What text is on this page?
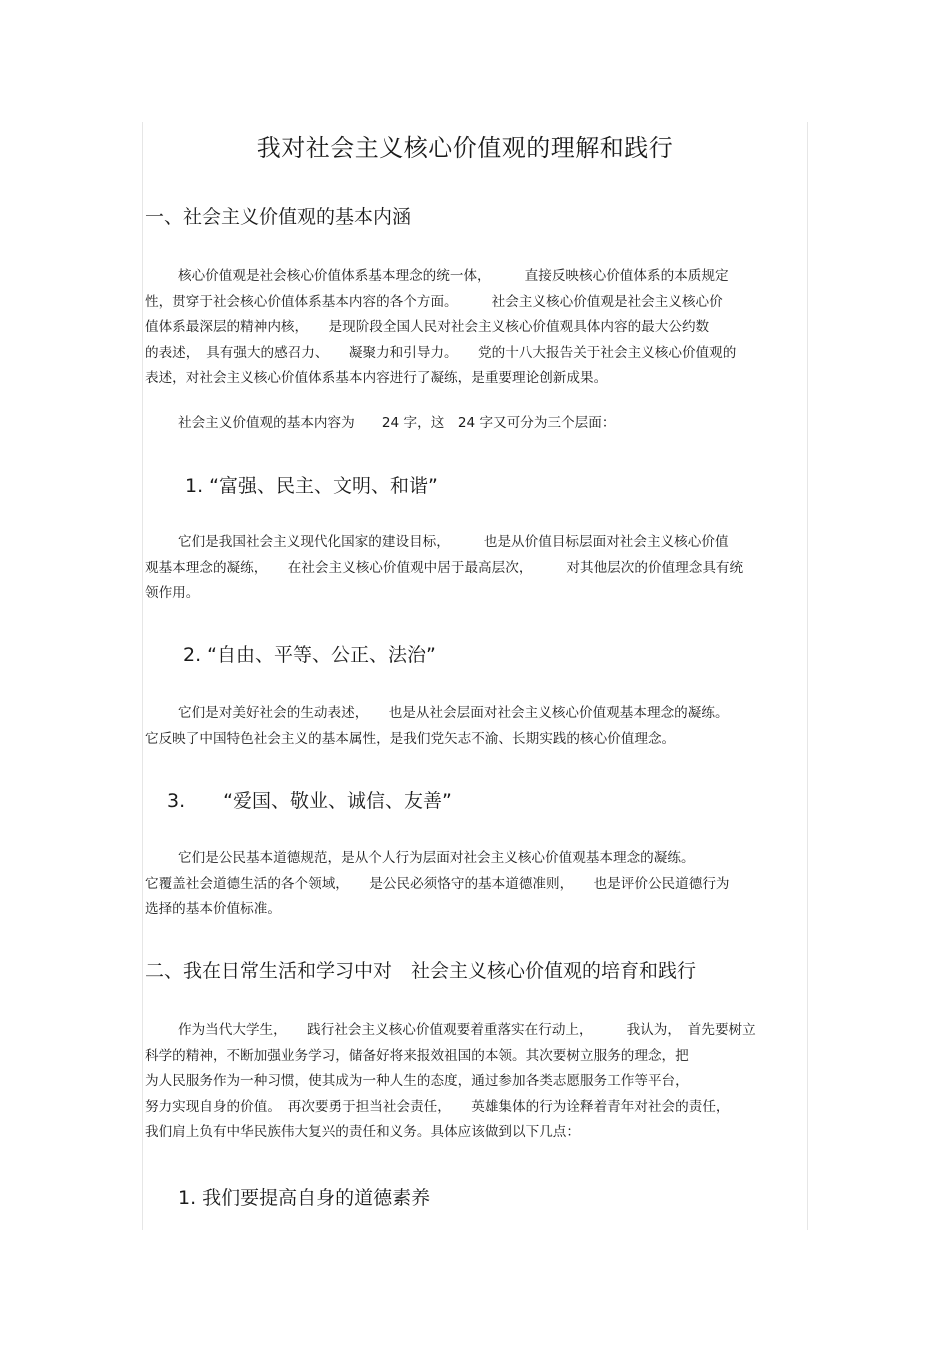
我对社会主义核心价值观的理解和践行
一、社会主义价值观的基本内涵

核心价值观是社会核心价值体系基本理念的统一体，　　　直接反映核心价值体系的本质规定
性，贯穿于社会核心价值体系基本内容的各个方面。　　　社会主义核心价值观是社会主义核心价
值体系最深层的精神内核，　　是现阶段全国人民对社会主义核心价值观具体内容的最大公约数
的表述，　具有强大的感召力、　　凝聚力和引导力。　　党的十八大报告关于社会主义核心价值观的
表述，对社会主义核心价值体系基本内容进行了凝练，是重要理论创新成果。

社会主义价值观的基本内容为　　24 字，这　24 字又可分为三个层面：

1. “富强、民主、文明、和谐”

它们是我国社会主义现代化国家的建设目标，　　　也是从价值目标层面对社会主义核心价值
观基本理念的凝练，　　在社会主义核心价值观中居于最高层次，　　　对其他层次的价值理念具有统
领作用。

2. “自由、平等、公正、法治”

它们是对美好社会的生动表述，　　也是从社会层面对社会主义核心价值观基本理念的凝练。
它反映了中国特色社会主义的基本属性，是我们党矢志不渝、长期实践的核心价值理念。

3.　　“爱国、敬业、诚信、友善”

它们是公民基本道德规范，是从个人行为层面对社会主义核心价值观基本理念的凝练。
它覆盖社会道德生活的各个领域，　　是公民必须恪守的基本道德准则，　　也是评价公民道德行为
选择的基本价值标准。

二、我在日常生活和学习中对　社会主义核心价值观的培育和践行

作为当代大学生，　　践行社会主义核心价值观要着重落实在行动上，　　　我认为，　首先要树立
科学的精神，不断加强业务学习，储备好将来报效祖国的本领。其次要树立服务的理念，把
为人民服务作为一种习惯，使其成为一种人生的态度，通过参加各类志愿服务工作等平台，
努力实现自身的价值。　再次要勇于担当社会责任，　　英雄集体的行为诠释着青年对社会的责任，
我们肩上负有中华民族伟大复兴的责任和义务。具体应该做到以下几点：

1. 我们要提高自身的道德素养
